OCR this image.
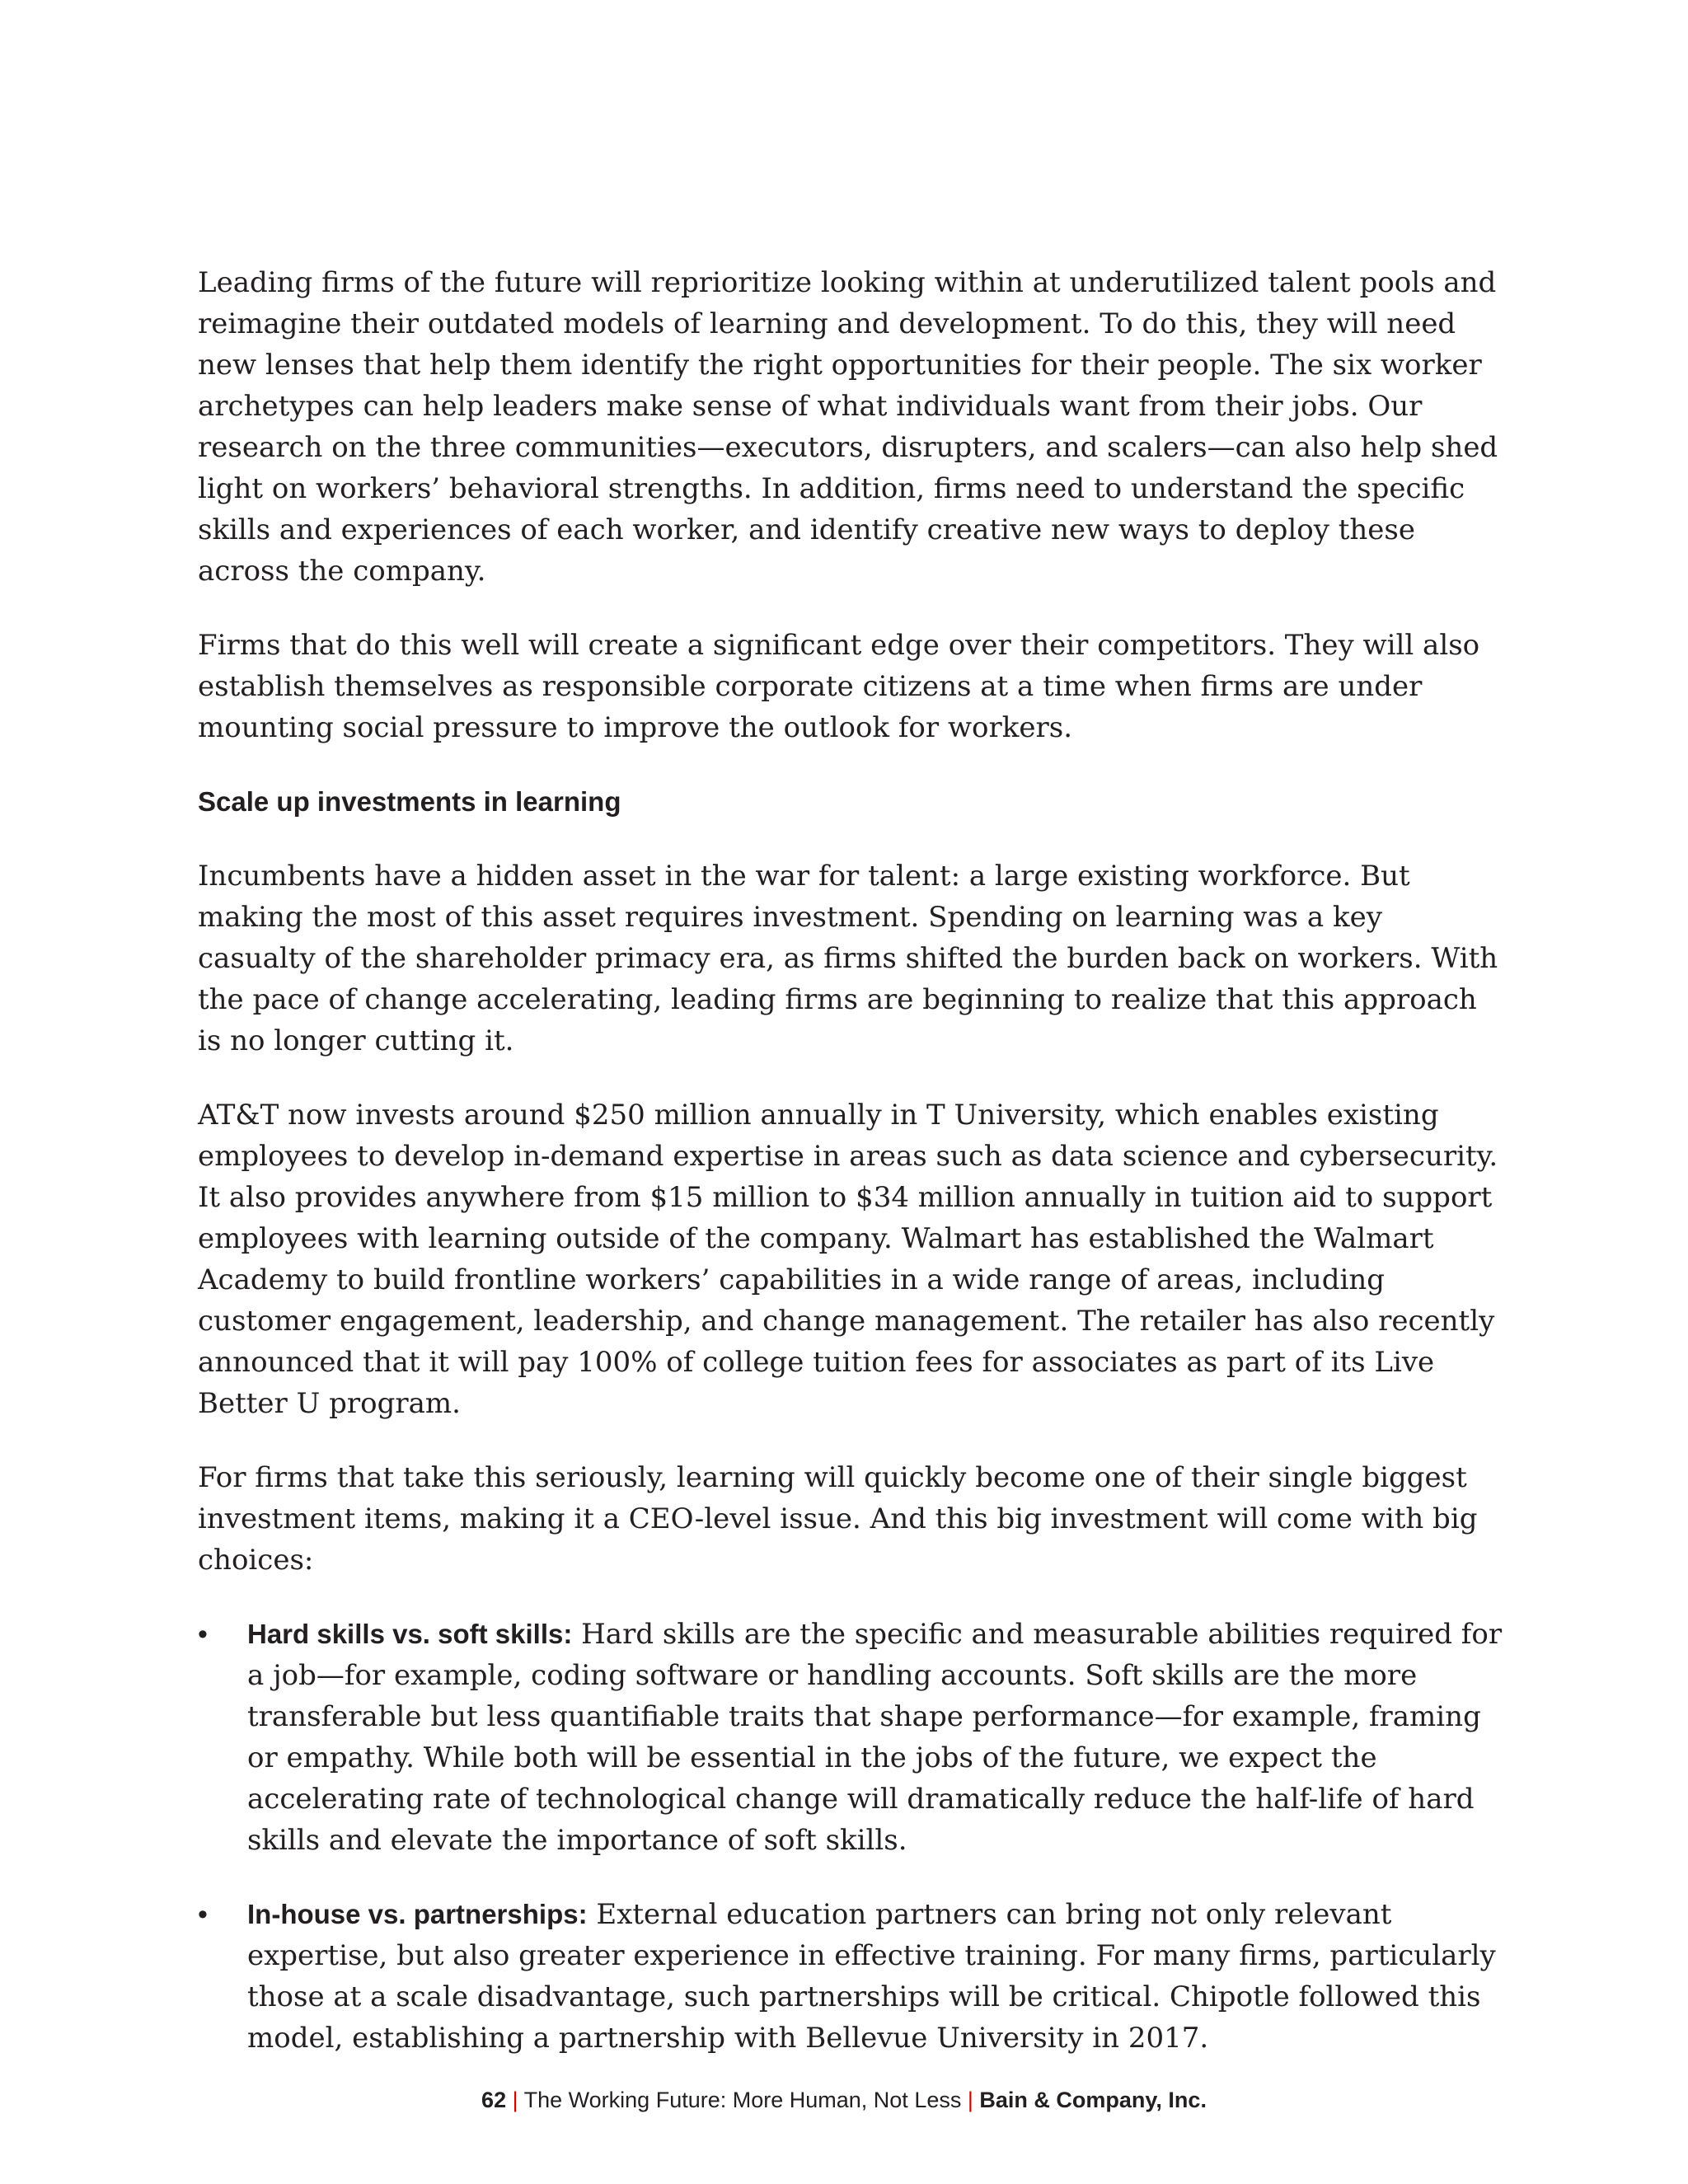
Leading firms of the future will reprioritize looking within at underutilized talent pools and reimagine their outdated models of learning and development. To do this, they will need new lenses that help them identify the right opportunities for their people. The six worker archetypes can help leaders make sense of what individuals want from their jobs. Our research on the three communities—executors, disrupters, and scalers—can also help shed light on workers’ behavioral strengths. In addition, firms need to understand the specific skills and experiences of each worker, and identify creative new ways to deploy these across the company.

Firms that do this well will create a significant edge over their competitors. They will also establish themselves as responsible corporate citizens at a time when firms are under mounting social pressure to improve the outlook for workers.

Scale up investments in learning

Incumbents have a hidden asset in the war for talent: a large existing workforce. But making the most of this asset requires investment. Spending on learning was a key casualty of the shareholder primacy era, as firms shifted the burden back on workers. With the pace of change accelerating, leading firms are beginning to realize that this approach is no longer cutting it.

AT&T now invests around $250 million annually in T University, which enables existing employees to develop in-demand expertise in areas such as data science and cybersecurity. It also provides anywhere from $15 million to $34 million annually in tuition aid to support employees with learning outside of the company. Walmart has established the Walmart Academy to build frontline workers’ capabilities in a wide range of areas, including customer engagement, leadership, and change management. The retailer has also recently announced that it will pay 100% of college tuition fees for associates as part of its Live Better U program.

For firms that take this seriously, learning will quickly become one of their single biggest investment items, making it a CEO-level issue. And this big investment will come with big choices:

• Hard skills vs. soft skills: Hard skills are the specific and measurable abilities required for a job—for example, coding software or handling accounts. Soft skills are the more transferable but less quantifiable traits that shape performance—for example, framing or empathy. While both will be essential in the jobs of the future, we expect the accelerating rate of technological change will dramatically reduce the half-life of hard skills and elevate the importance of soft skills.
• In-house vs. partnerships: External education partners can bring not only relevant expertise, but also greater experience in effective training. For many firms, particularly those at a scale disadvantage, such partnerships will be critical. Chipotle followed this model, establishing a partnership with Bellevue University in 2017.
62 | The Working Future: More Human, Not Less | Bain & Company, Inc.
